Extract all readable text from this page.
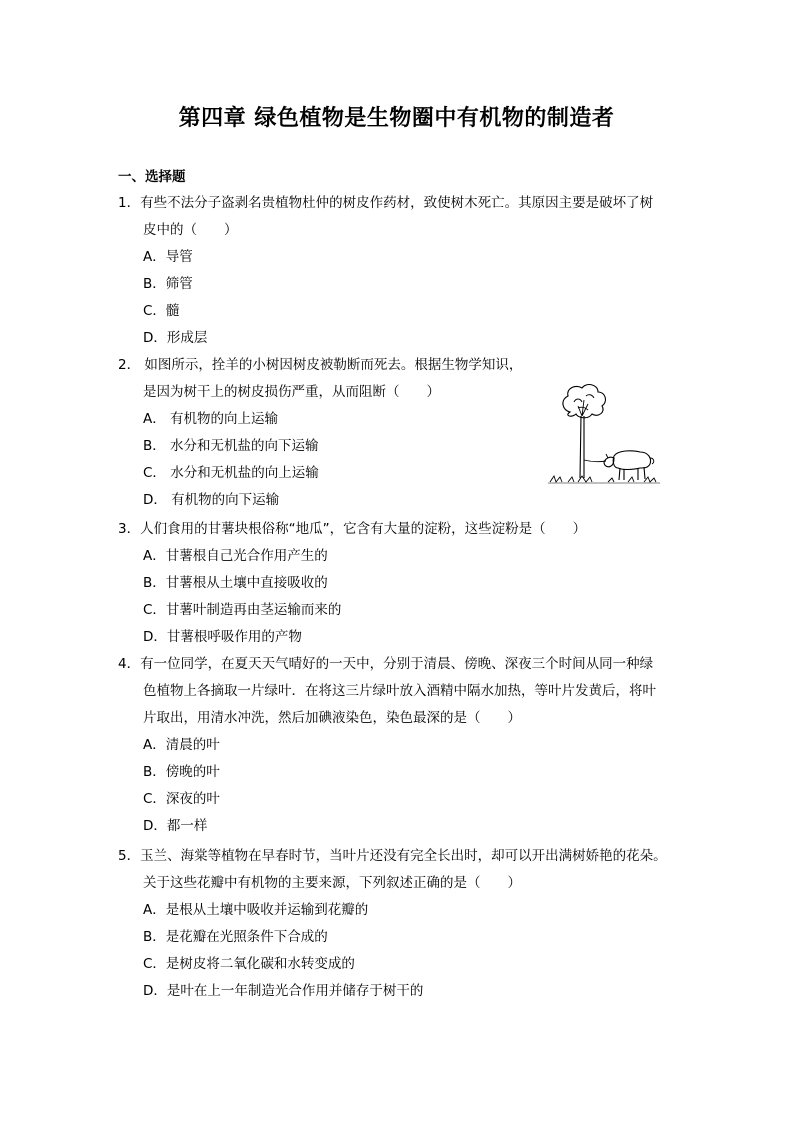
第四章 绿色植物是生物圈中有机物的制造者
一、选择题
1．有些不法分子盗剥名贵植物杜仲的树皮作药材，致使树木死亡。其原因主要是破坏了树
皮中的（　　）
A．导管
B．筛管
C．髓
D．形成层
2． 如图所示，拴羊的小树因树皮被勒断而死去。根据生物学知识，
是因为树干上的树皮损伤严重，从而阻断（　　）
A． 有机物的向上运输
B． 水分和无机盐的向下运输
C． 水分和无机盐的向上运输
D． 有机物的向下运输
3．人们食用的甘薯块根俗称“地瓜”，它含有大量的淀粉，这些淀粉是（　　）
A．甘薯根自己光合作用产生的
B．甘薯根从土壤中直接吸收的
C．甘薯叶制造再由茎运输而来的
D．甘薯根呼吸作用的产物
4．有一位同学，在夏天天气晴好的一天中，分别于清晨、傍晚、深夜三个时间从同一种绿
色植物上各摘取一片绿叶．在将这三片绿叶放入酒精中隔水加热，等叶片发黄后，将叶
片取出，用清水冲洗，然后加碘液染色，染色最深的是（　　）
A．清晨的叶
B．傍晚的叶
C．深夜的叶
D．都一样
5．玉兰、海棠等植物在早春时节，当叶片还没有完全长出时，却可以开出满树娇艳的花朵。
关于这些花瓣中有机物的主要来源，下列叙述正确的是（　　）
A．是根从土壤中吸收并运输到花瓣的
B．是花瓣在光照条件下合成的
C．是树皮将二氧化碳和水转变成的
D．是叶在上一年制造光合作用并储存于树干的
